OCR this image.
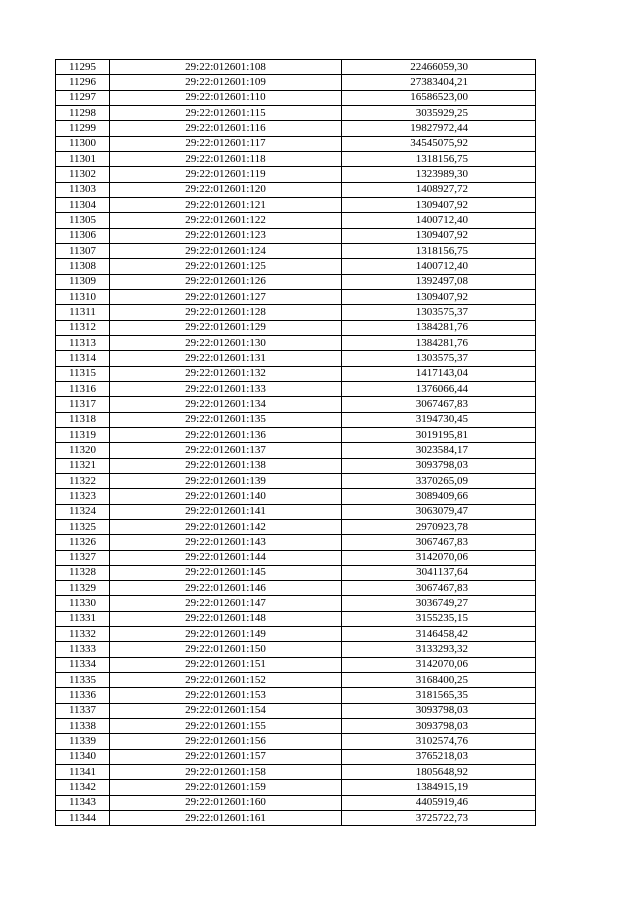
11295	29:22:012601:108	22466059,30
11296	29:22:012601:109	27383404,21
11297	29:22:012601:110	16586523,00
11298	29:22:012601:115	3035929,25
11299	29:22:012601:116	19827972,44
11300	29:22:012601:117	34545075,92
11301	29:22:012601:118	1318156,75
11302	29:22:012601:119	1323989,30
11303	29:22:012601:120	1408927,72
11304	29:22:012601:121	1309407,92
11305	29:22:012601:122	1400712,40
11306	29:22:012601:123	1309407,92
11307	29:22:012601:124	1318156,75
11308	29:22:012601:125	1400712,40
11309	29:22:012601:126	1392497,08
11310	29:22:012601:127	1309407,92
11311	29:22:012601:128	1303575,37
11312	29:22:012601:129	1384281,76
11313	29:22:012601:130	1384281,76
11314	29:22:012601:131	1303575,37
11315	29:22:012601:132	1417143,04
11316	29:22:012601:133	1376066,44
11317	29:22:012601:134	3067467,83
11318	29:22:012601:135	3194730,45
11319	29:22:012601:136	3019195,81
11320	29:22:012601:137	3023584,17
11321	29:22:012601:138	3093798,03
11322	29:22:012601:139	3370265,09
11323	29:22:012601:140	3089409,66
11324	29:22:012601:141	3063079,47
11325	29:22:012601:142	2970923,78
11326	29:22:012601:143	3067467,83
11327	29:22:012601:144	3142070,06
11328	29:22:012601:145	3041137,64
11329	29:22:012601:146	3067467,83
11330	29:22:012601:147	3036749,27
11331	29:22:012601:148	3155235,15
11332	29:22:012601:149	3146458,42
11333	29:22:012601:150	3133293,32
11334	29:22:012601:151	3142070,06
11335	29:22:012601:152	3168400,25
11336	29:22:012601:153	3181565,35
11337	29:22:012601:154	3093798,03
11338	29:22:012601:155	3093798,03
11339	29:22:012601:156	3102574,76
11340	29:22:012601:157	3765218,03
11341	29:22:012601:158	1805648,92
11342	29:22:012601:159	1384915,19
11343	29:22:012601:160	4405919,46
11344	29:22:012601:161	3725722,73
